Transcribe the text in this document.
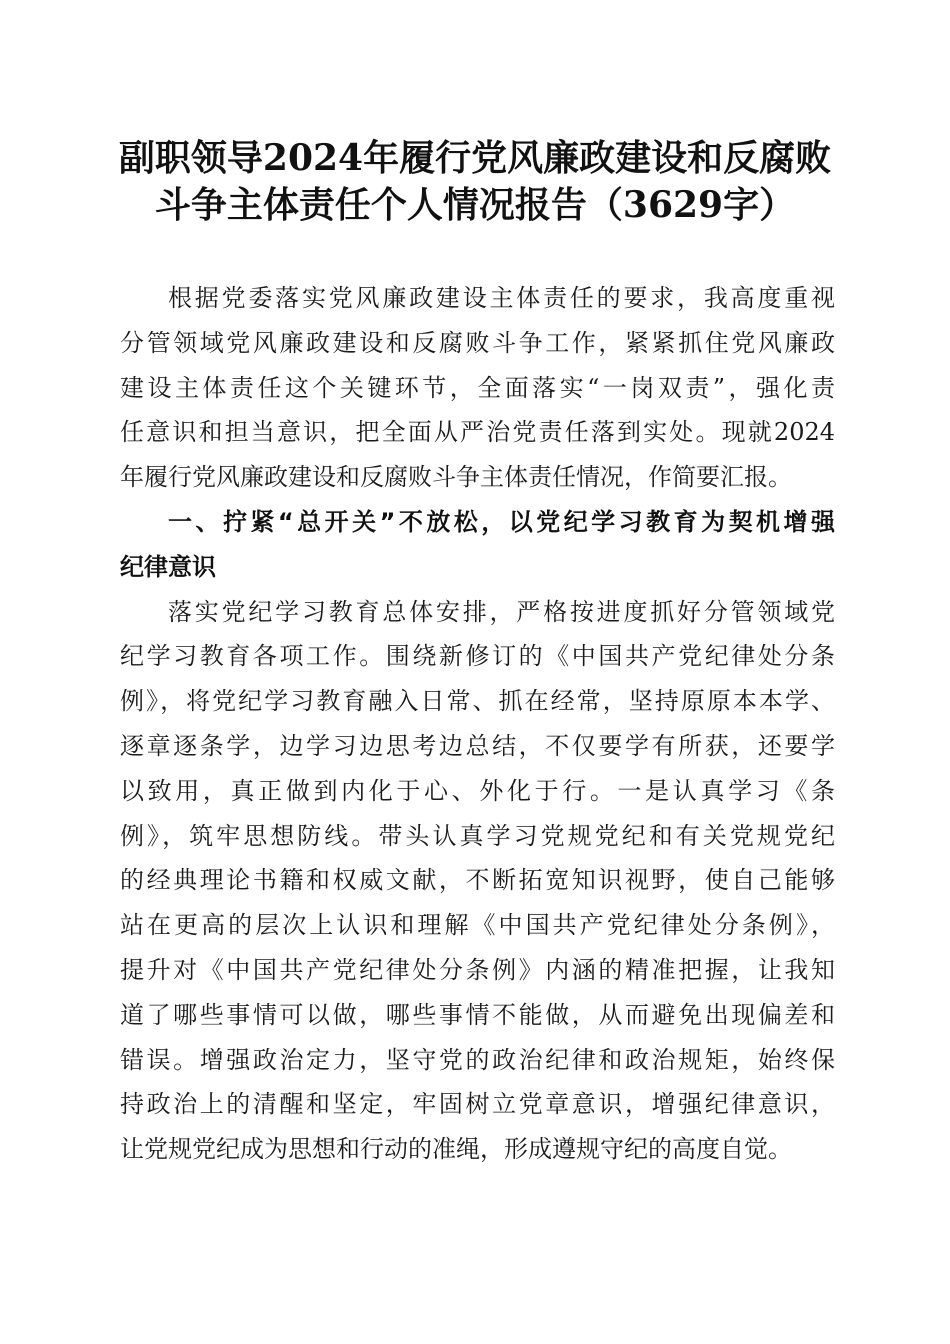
副职领导2024年履行党风廉政建设和反腐败
斗争主体责任个人情况报告（3629字）
根据党委落实党风廉政建设主体责任的要求，我高度重视
分管领域党风廉政建设和反腐败斗争工作，紧紧抓住党风廉政
建设主体责任这个关键环节，全面落实“一岗双责”，强化责
任意识和担当意识，把全面从严治党责任落到实处。现就2024
年履行党风廉政建设和反腐败斗争主体责任情况，作简要汇报。
一、拧紧“总开关”不放松，以党纪学习教育为契机增强
纪律意识
落实党纪学习教育总体安排，严格按进度抓好分管领域党
纪学习教育各项工作。围绕新修订的《中国共产党纪律处分条
例》，将党纪学习教育融入日常、抓在经常，坚持原原本本学、
逐章逐条学，边学习边思考边总结，不仅要学有所获，还要学
以致用，真正做到内化于心、外化于行。一是认真学习《条
例》，筑牢思想防线。带头认真学习党规党纪和有关党规党纪
的经典理论书籍和权威文献，不断拓宽知识视野，使自己能够
站在更高的层次上认识和理解《中国共产党纪律处分条例》，
提升对《中国共产党纪律处分条例》内涵的精准把握，让我知
道了哪些事情可以做，哪些事情不能做，从而避免出现偏差和
错误。增强政治定力，坚守党的政治纪律和政治规矩，始终保
持政治上的清醒和坚定，牢固树立党章意识，增强纪律意识，
让党规党纪成为思想和行动的准绳，形成遵规守纪的高度自觉。
